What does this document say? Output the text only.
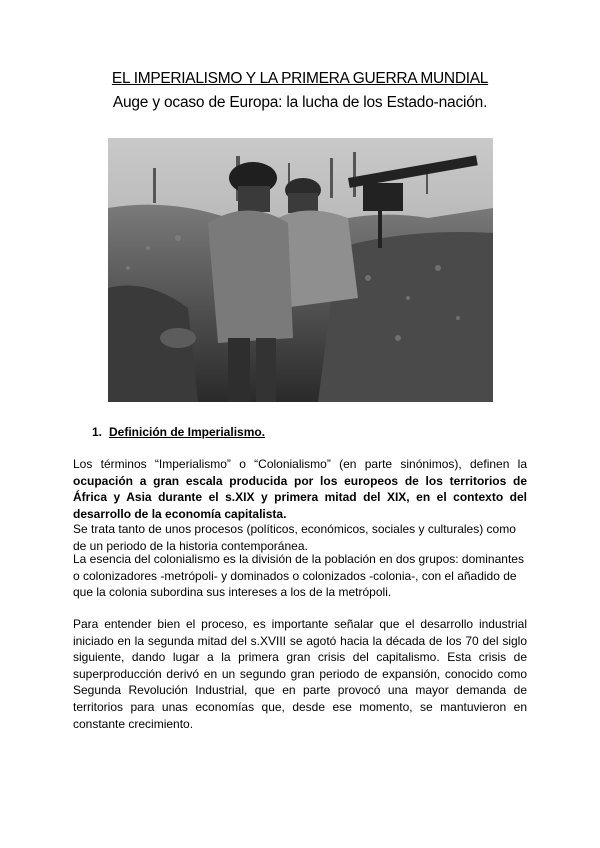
EL IMPERIALISMO Y LA PRIMERA GUERRA MUNDIAL
Auge y ocaso de Europa: la lucha de los Estado-nación.
1. Definición de Imperialismo.
Los términos “Imperialismo” o “Colonialismo” (en parte sinónimos), definen la ocupación a gran escala producida por los europeos de los territorios de África y Asia durante el s.XIX y primera mitad del XIX, en el contexto del desarrollo de la economía capitalista.
Se trata tanto de unos procesos (políticos, económicos, sociales y culturales) como de un periodo de la historia contemporánea.
La esencia del colonialismo es la división de la población en dos grupos: dominantes o colonizadores -metrópoli- y dominados o colonizados -colonia-, con el añadido de que la colonia subordina sus intereses a los de la metrópoli.
Para entender bien el proceso, es importante señalar que el desarrollo industrial iniciado en la segunda mitad del s.XVIII se agotó hacia la década de los 70 del siglo siguiente, dando lugar a la primera gran crisis del capitalismo. Esta crisis de superproducción derivó en un segundo gran periodo de expansión, conocido como Segunda Revolución Industrial, que en parte provocó una mayor demanda de territorios para unas economías que, desde ese momento, se mantuvieron en constante crecimiento.
